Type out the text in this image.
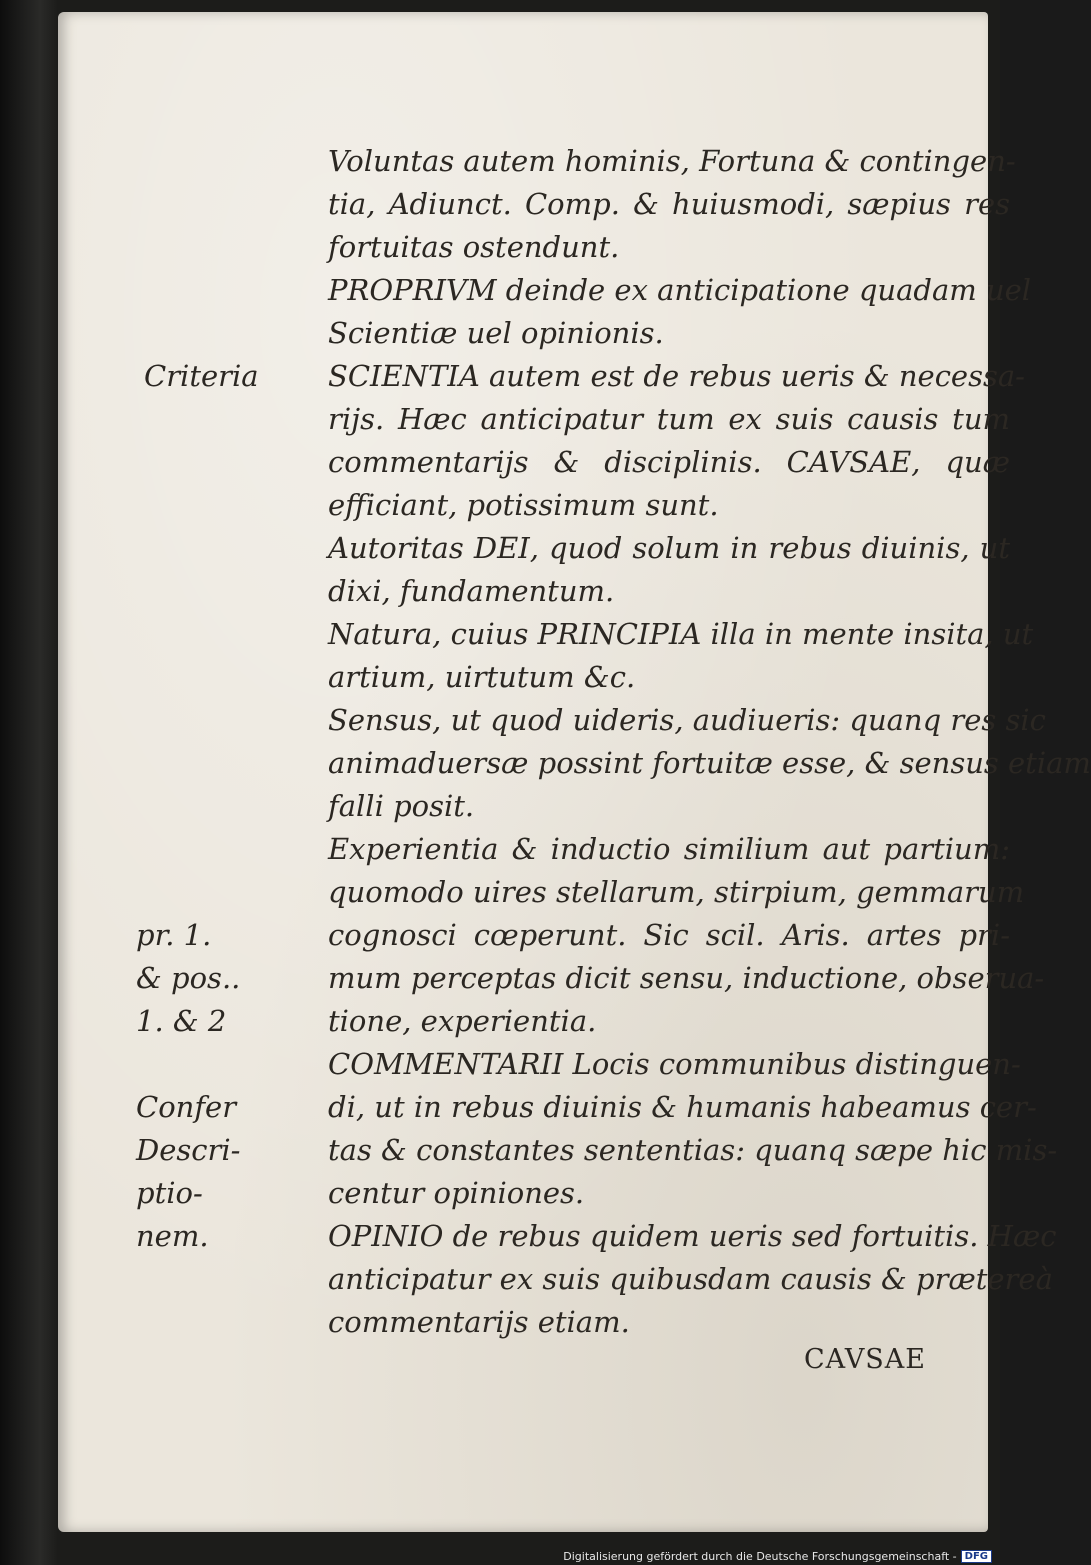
Voluntas autem hominis, Fortuna & contingen-
tia, Adiunct. Comp. & huiusmodi, sæpius res
fortuitas ostendunt.
PROPRIVM deinde ex anticipatione quadam uel
Scientiæ uel opinionis.
Criteria SCIENTIA autem est de rebus ueris & necessa-
rijs. Hæc anticipatur tum ex suis causis tum
commentarijs & disciplinis. CAVSAE, quæ
efficiant, potissimum sunt.
Autoritas DEI, quod solum in rebus diuinis, ut
dixi, fundamentum.
Natura, cuius PRINCIPIA illa in mente insita, ut
artium, uirtutum &c.
Sensus, ut quod uideris, audiueris: quanq res sic
animaduersæ possint fortuitæ esse, & sensus etiam
falli posit.
Experientia & inductio similium aut partium:
quomodo uires stellarum, stirpium, gemmarum
pr. 1.	cognosci cœperunt. Sic scil. Aris. artes pri-
& pos..	mum perceptas dicit sensu, inductione, obserua-
1. & 2	tione, experientia.
COMMENTARII Locis communibus distinguen-
Confer	di, ut in rebus diuinis & humanis habeamus cer-
Descri-	tas & constantes sententias: quanq sæpe hic mis-
ptio-	centur opiniones.
nem.	OPINIO de rebus quidem ueris sed fortuitis. Hæc
anticipatur ex suis quibusdam causis & prætereà
commentarijs etiam.
CAVSAE
Digitalisierung gefördert durch die Deutsche Forschungsgemeinschaft - DFG
